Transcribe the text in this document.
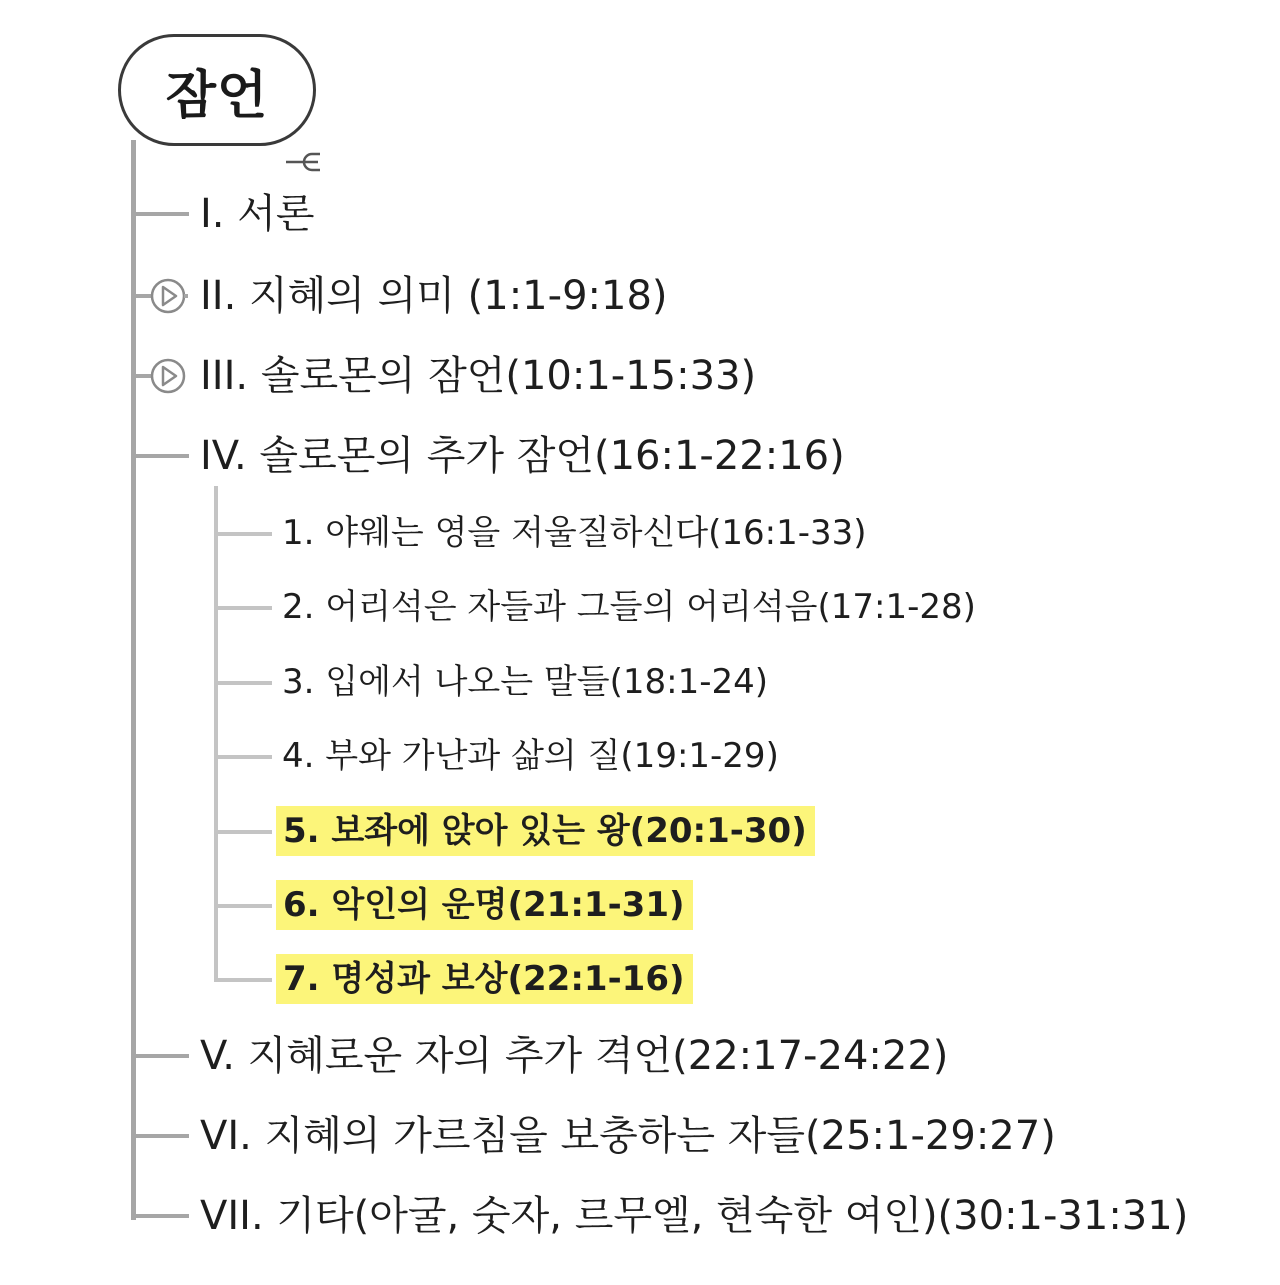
잠언
I. 서론
II. 지혜의 의미 (1:1-9:18)
III. 솔로몬의 잠언(10:1-15:33)
IV. 솔로몬의 추가 잠언(16:1-22:16)
V. 지혜로운 자의 추가 격언(22:17-24:22)
VI. 지혜의 가르침을 보충하는 자들(25:1-29:27)
VII. 기타(아굴, 숫자, 르무엘, 현숙한 여인)(30:1-31:31)
1. 야웨는 영을 저울질하신다(16:1-33)
2. 어리석은 자들과 그들의 어리석음(17:1-28)
3. 입에서 나오는 말들(18:1-24)
4. 부와 가난과 삶의 질(19:1-29)
5. 보좌에 앉아 있는 왕(20:1-30)
6. 악인의 운명(21:1-31)
7. 명성과 보상(22:1-16)
